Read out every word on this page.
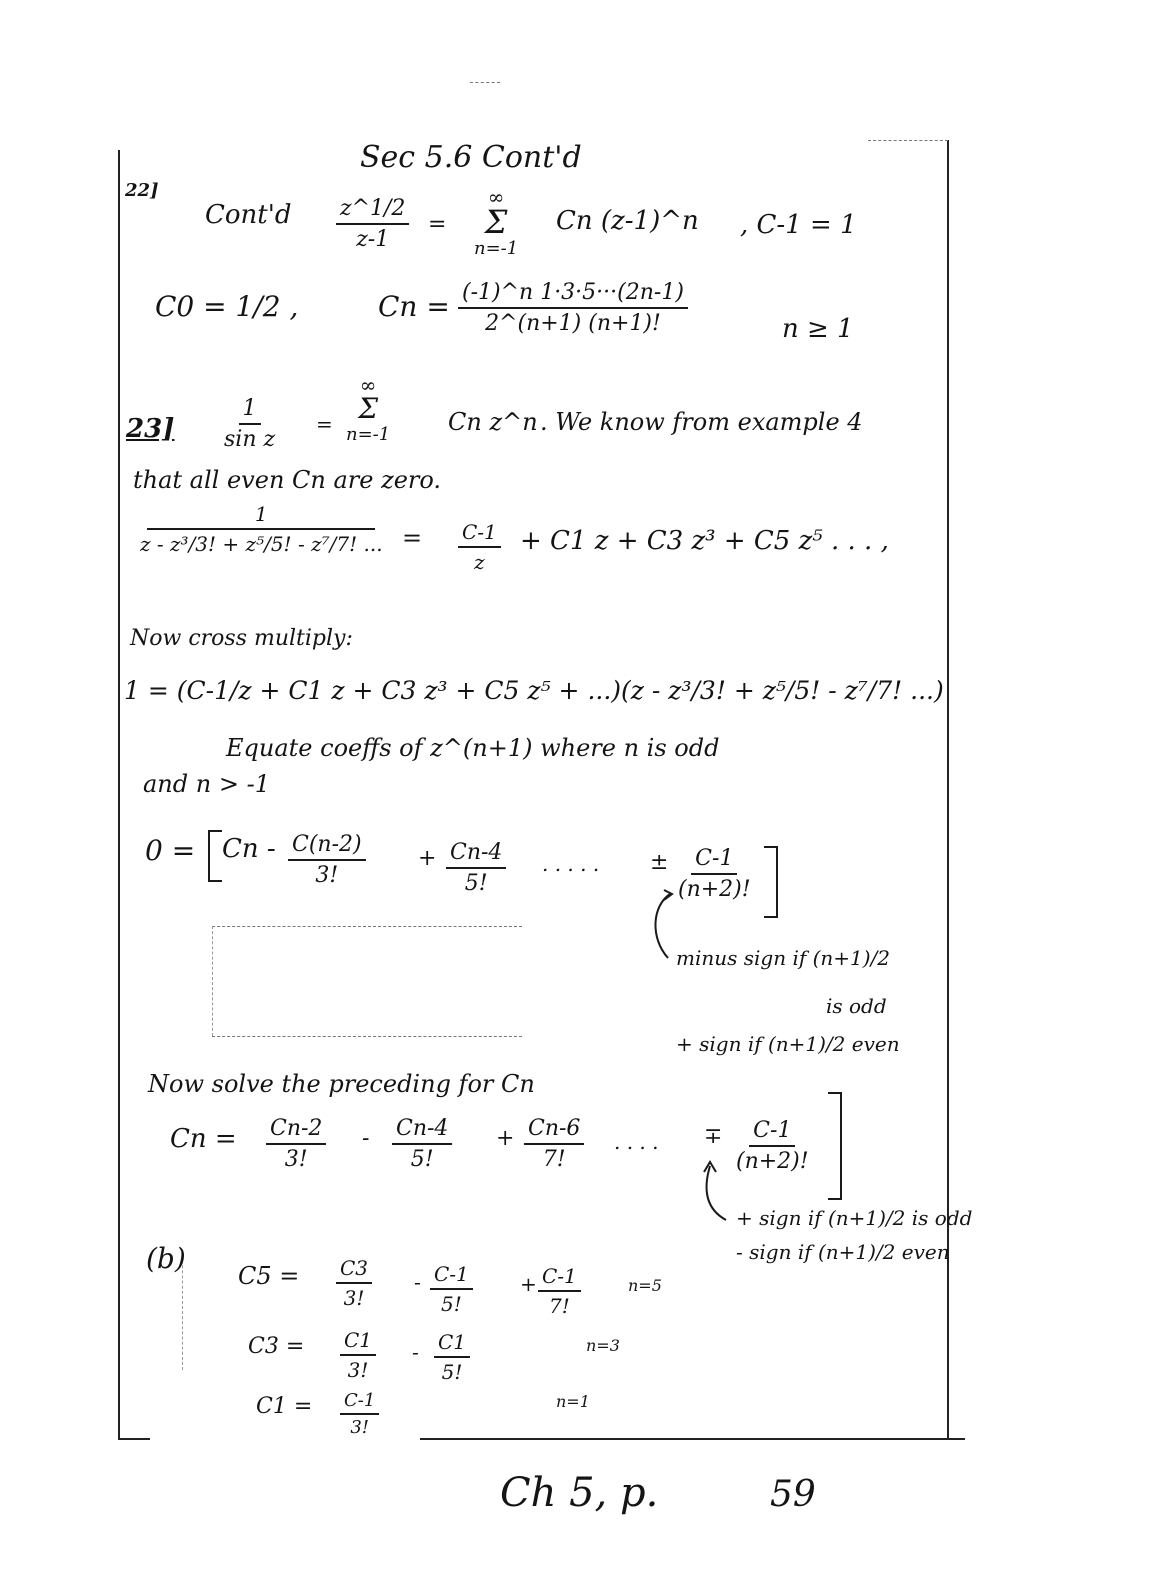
Sec 5.6 Cont'd
22]
Cont'd $\frac{z\^{}1/2}{z-1}$ =
∞
Σ
n=-1
Cn (z-1)^n , C-1 = 1
C0 = 1/2 ,	$Cn = \frac{(-1)\^{}n 1\cdot 3\cdot 5\cdot\cdot\cdot(2n-1)}{2\^{}(n+1) (n+1)!}$	n ≥ 1
$23] \frac{1}{\text{sin z}}$ =
∞
Σ
n=-1 Cn z^n . We know from example 4
that all even Cn are zero.
$\frac{1}{\text{z - z³/3! + z⁵/5! - z⁷/7! ...}} = \frac{C-1}{z} + C1$ z + C3 z³ + C5 z⁵ . . . ,
Now cross multiply:
1 = (C-1/z + C1 z + C3 z³ + C5 z⁵ + ...)(z - z³/3! + z⁵/5! - z⁷/7! ...)
Equate coeffs of z^(n+1) where n is odd
and n > -1
$0 = Cn - \frac{C(n-2)}{3!} + \frac{Cn-4}{5!}$ . . . . . ± $\frac{C-1}{(n+2)!}$
minus sign if (n+1)/2
is odd
+ sign if (n+1)/2 even
Now solve the preceding for Cn
$Cn = \frac{Cn-2}{3!} - \frac{Cn-4}{5!} + \frac{Cn-6}{7!}$ . . . . ∓ $\frac{C-1}{(n+2)!}$
+ sign if (n+1)/2 is odd
- sign if (n+1)/2 even
(b)
$C5 = \frac{C3}{3!} - \frac{C-1}{5!} + \frac{C-1}{7!}$	n=5
$C3 = \frac{C1}{3!} - \frac{C1}{5!}$	n=3
$C1 = \frac{C-1}{3!}$	n=1
Ch 5, p.	59
